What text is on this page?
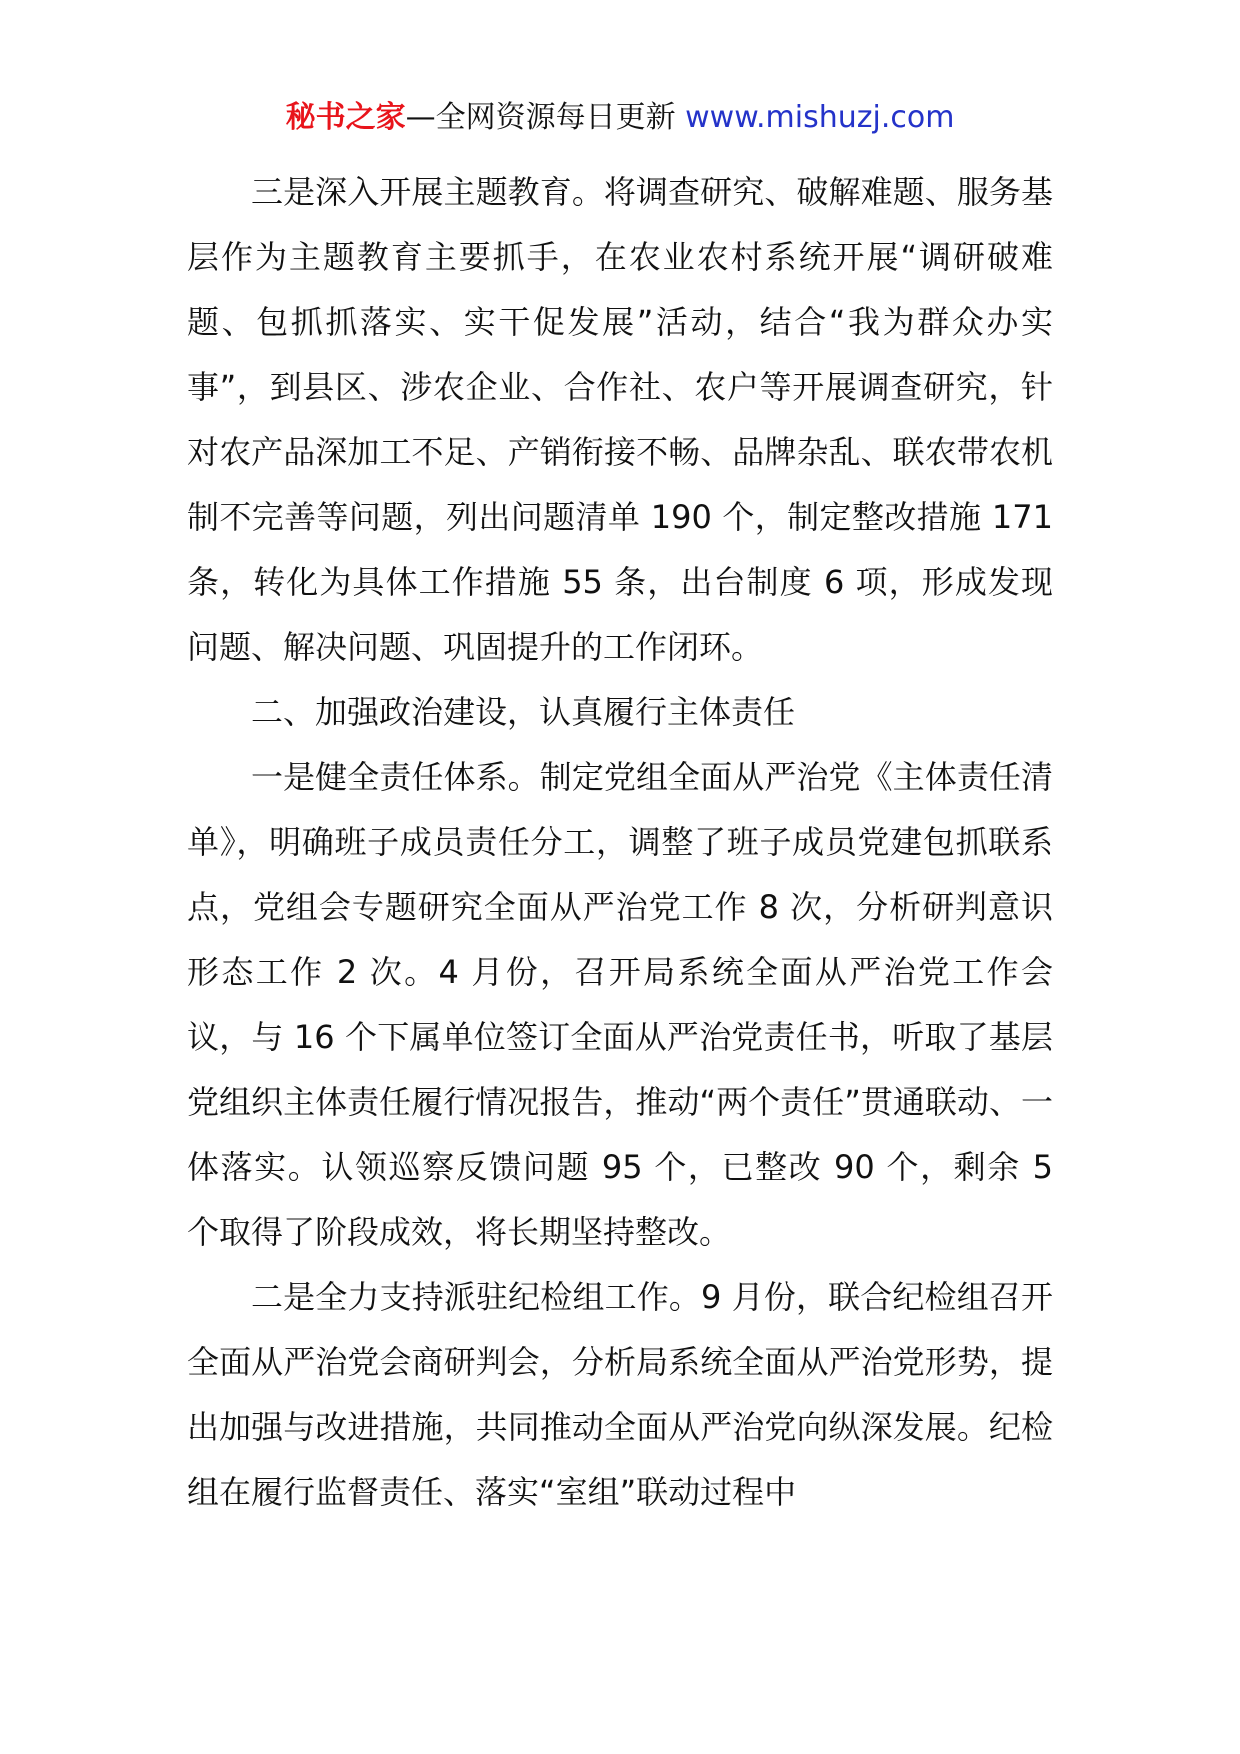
秘书之家—全网资源每日更新 www.mishuzj.com

三是深入开展主题教育。将调查研究、破解难题、服务基层作为主题教育主要抓手，在农业农村系统开展“调研破难题、包抓抓落实、实干促发展”活动，结合“我为群众办实事”，到县区、涉农企业、合作社、农户等开展调查研究，针对农产品深加工不足、产销衔接不畅、品牌杂乱、联农带农机制不完善等问题，列出问题清单 190 个，制定整改措施 171 条，转化为具体工作措施 55 条，出台制度 6 项，形成发现问题、解决问题、巩固提升的工作闭环。

二、加强政治建设，认真履行主体责任

一是健全责任体系。制定党组全面从严治党《主体责任清单》，明确班子成员责任分工，调整了班子成员党建包抓联系点，党组会专题研究全面从严治党工作 8 次，分析研判意识形态工作 2 次。4 月份，召开局系统全面从严治党工作会议，与 16 个下属单位签订全面从严治党责任书，听取了基层党组织主体责任履行情况报告，推动“两个责任”贯通联动、一体落实。认领巡察反馈问题 95 个，已整改 90 个，剩余 5 个取得了阶段成效，将长期坚持整改。

二是全力支持派驻纪检组工作。9 月份，联合纪检组召开全面从严治党会商研判会，分析局系统全面从严治党形势，提出加强与改进措施，共同推动全面从严治党向纵深发展。纪检组在履行监督责任、落实“室组”联动过程中
